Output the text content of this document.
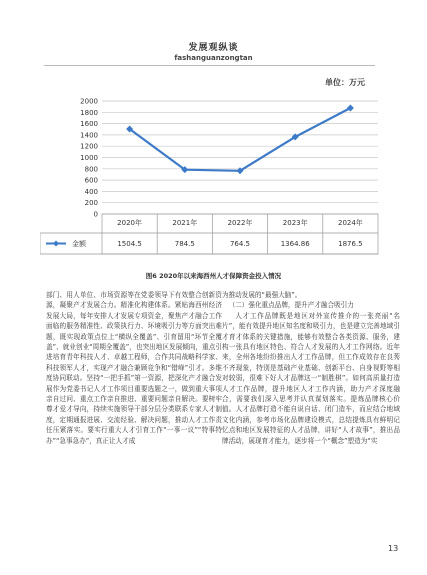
发展观纵谈
fashanguanzongtan
单位：万元
0
200
400
600
800
1000
1200
1400
1600
1800
2000
2020年	2021年	2022年	2023年	2024年
金额	1504.5	784.5	764.5	1364.86	1876.5
图6 2020年以来海西州人才保障资金投入情况

部门、用人单位、市场资源等在党委领导下有效整合创新资源，凝聚产才发展合力。精准化构建体系。紧贴海西州经济发展大局，每年安排人才发展专项资金，聚焦产才融合工作面临的服务精准性、政策执行力、环境吸引力等方面突出难题，既实现政策点位上“横纵全覆盖”、引育留用“环节全覆盖”、就业创业“周期全覆盖”，也突出地区发展倾向，重点引进培育青年科技人才、卓越工程师，合作共同战略科学家、科技领军人才，实现产才融合兼顾竞争和“错峰”引才。多维度协同联动。坚持“一把手抓”第一资源，把深化产才融合发展作为党委书记人才工作项目重要选题之一，做到重大事项亲自过问、重点工作亲自推进、重要问题亲自解决。要树牢尊才爱才导向，持续实施领导干部分层分类联系专家人才制度，定期通报进展、交流经验、解决问题，推动人才工作责任压紧落实。要实行重大人才引育工作“一事一议”“特事特办”“急事急办”，真正让人才成

为推动发展的“最强大脑”。

（二）强化重点品牌，提升产才融合吸引力

人才工作品牌既是地区对外宣传推介的一张亮丽“名片”，能有效提升地区知名度和吸引力，也是建立完善地域引才育才体系的关键措施，能够有效整合各类资源、服务，建构一张具有地区特色、符合人才发展的人才工作网络。近年来，全州各地纷纷推出人才工作品牌，但工作成效存在良莠不齐现象，特别是基础产业基础、创新平台、自身视野等相对较弱，很难下好人才品牌这一“制胜棋”。如何高质量打造人才工作品牌，提升地区人才工作内涵，助力产才深度融合，需要我们深入思考并认真谋划落实。提炼品牌核心价值。人才品牌打造不能自说自话、闭门造车，而应结合地域文化内涵，参考市场化品牌建设模式，总结提炼具有鲜明记忆点和地区发展特征的人才品牌，讲好“人才故事”，推出品牌活动，展现育才能力，逐步将一个“概念”塑造为“实

13
